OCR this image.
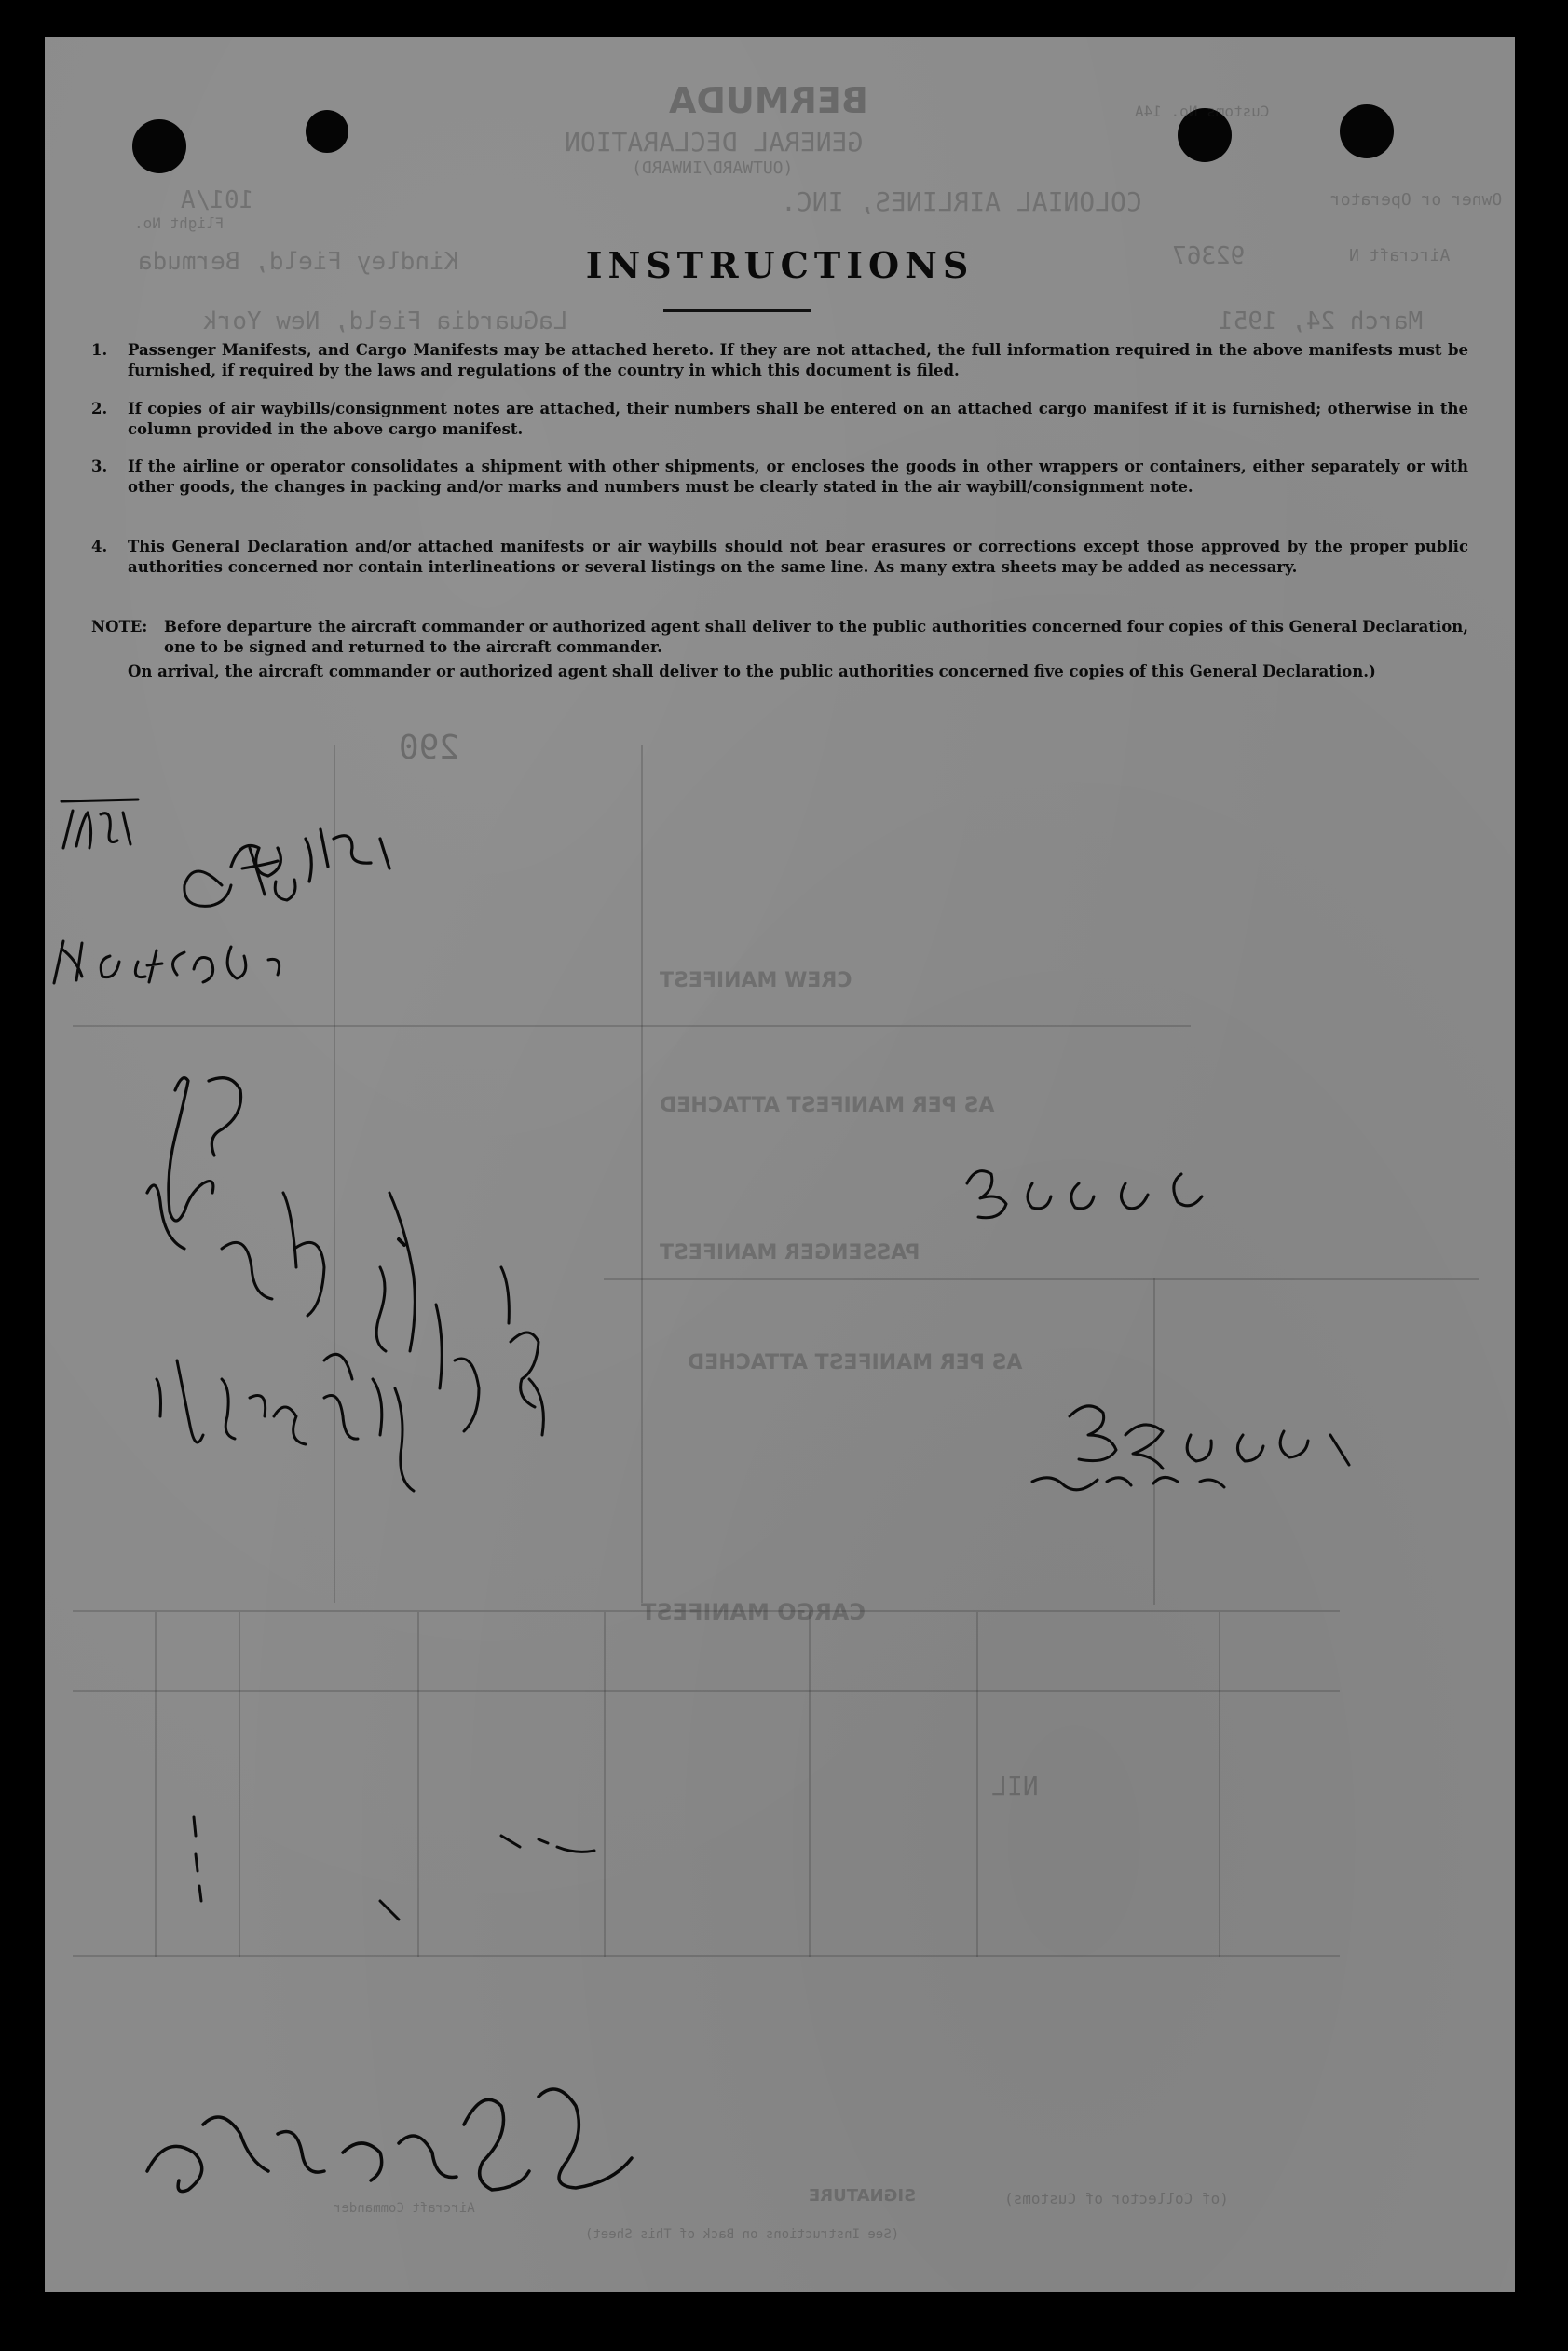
Customs No. 14A
BERMUDA
GENERAL DECLARATION
(OUTWARD/INWARD)
Owner or Operator
COLONIAL AIRLINES, INC.
Flight No.
101/A
Aircraft N
92367
Kindley Field, Bermuda
LaGuardia Field, New York	March 24, 1951
290
CREW MANIFEST
AS PER MANIFEST ATTACHED
PASSENGER MANIFEST
AS PER MANIFEST ATTACHED
CARGO MANIFEST
NIL
SIGNATURE	(of Collector of Customs)
Aircraft Commander
(See Instructions on Back of This Sheet)
INSTRUCTIONS
1. Passenger Manifests, and Cargo Manifests may be attached hereto. If they are not attached, the full information required in the above manifests must be furnished, if required by the laws and regulations of the country in which this document is filed.
2. If copies of air waybills/consignment notes are attached, their numbers shall be entered on an attached cargo manifest if it is furnished; otherwise in the column provided in the above cargo manifest.
3. If the airline or operator consolidates a shipment with other shipments, or encloses the goods in other wrappers or containers, either separately or with other goods, the changes in packing and/or marks and numbers must be clearly stated in the air waybill/consignment note.
4. This General Declaration and/or attached manifests or air waybills should not bear erasures or corrections except those approved by the proper public authorities concerned nor contain interlineations or several listings on the same line. As many extra sheets may be added as necessary.
NOTE: Before departure the aircraft commander or authorized agent shall deliver to the public authorities concerned four copies of this General Declaration, one to be signed and returned to the aircraft commander.
On arrival, the aircraft commander or authorized agent shall deliver to the public authorities concerned five copies of this General Declaration.)
